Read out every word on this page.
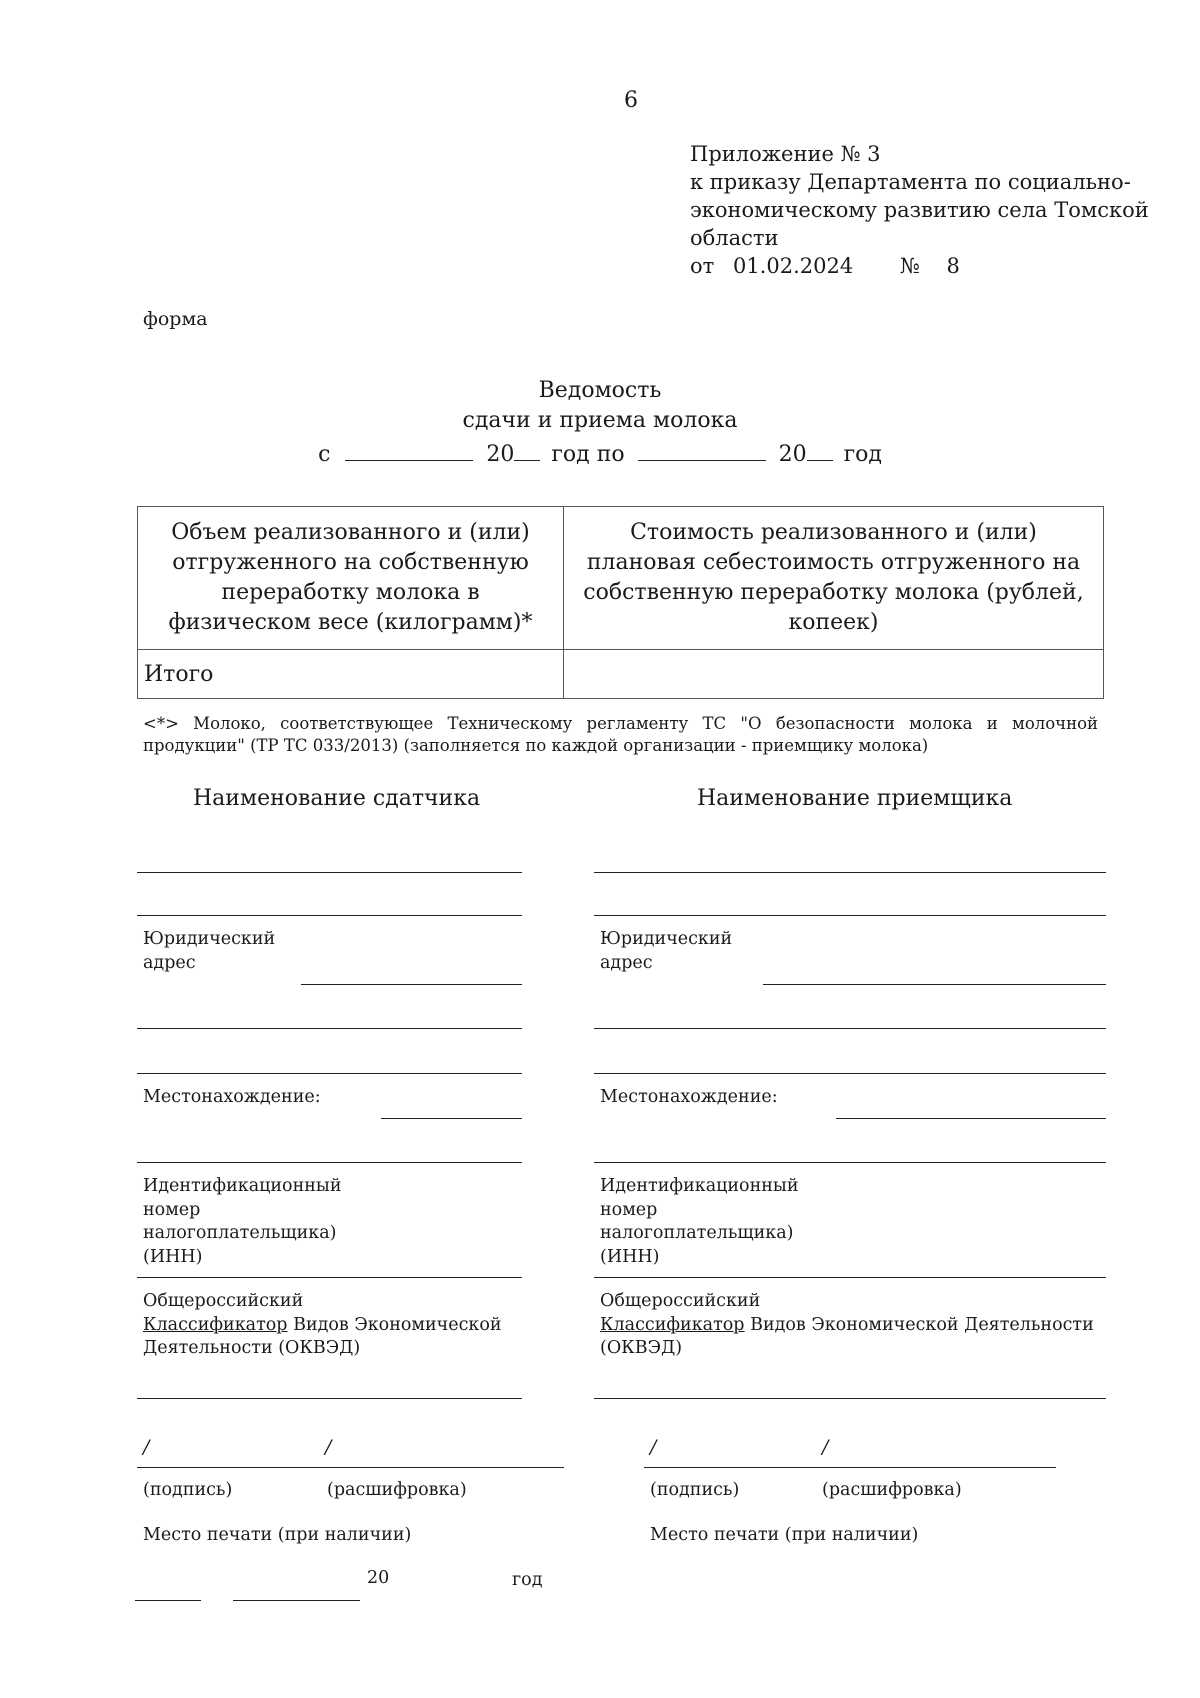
6
Приложение № 3
к приказу Департамента по социально-
экономическому развитию села Томской
области
от 01.02.2024 № 8
форма
Ведомость
сдачи и приема молока
с	20 год по	20 год
Объем реализованного и (или) отгруженного на собственную переработку молока в физическом весе (килограмм)*	Стоимость реализованного и (или) плановая себестоимость отгруженного на собственную переработку молока (рублей, копеек)
Итого	
<*> Молоко, соответствующее Техническому регламенту ТС "О безопасности молока и молочной продукции" (ТР ТС 033/2013) (заполняется по каждой организации - приемщику молока)
Наименование сдатчика	Наименование приемщика
Юридический
адрес
Местонахождение:
Идентификационный
номер
налогоплательщика)
(ИНН)
Общероссийский
Классификатор Видов Экономической
Деятельности (ОКВЭД)
/	/
(подпись)	(расшифровка)
Место печати (при наличии)
Юридический
адрес
Местонахождение:
Идентификационный
номер
налогоплательщика)
(ИНН)
Общероссийский
Классификатор Видов Экономической Деятельности
(ОКВЭД)
/	/
(подпись)	(расшифровка)
Место печати (при наличии)
20	год
